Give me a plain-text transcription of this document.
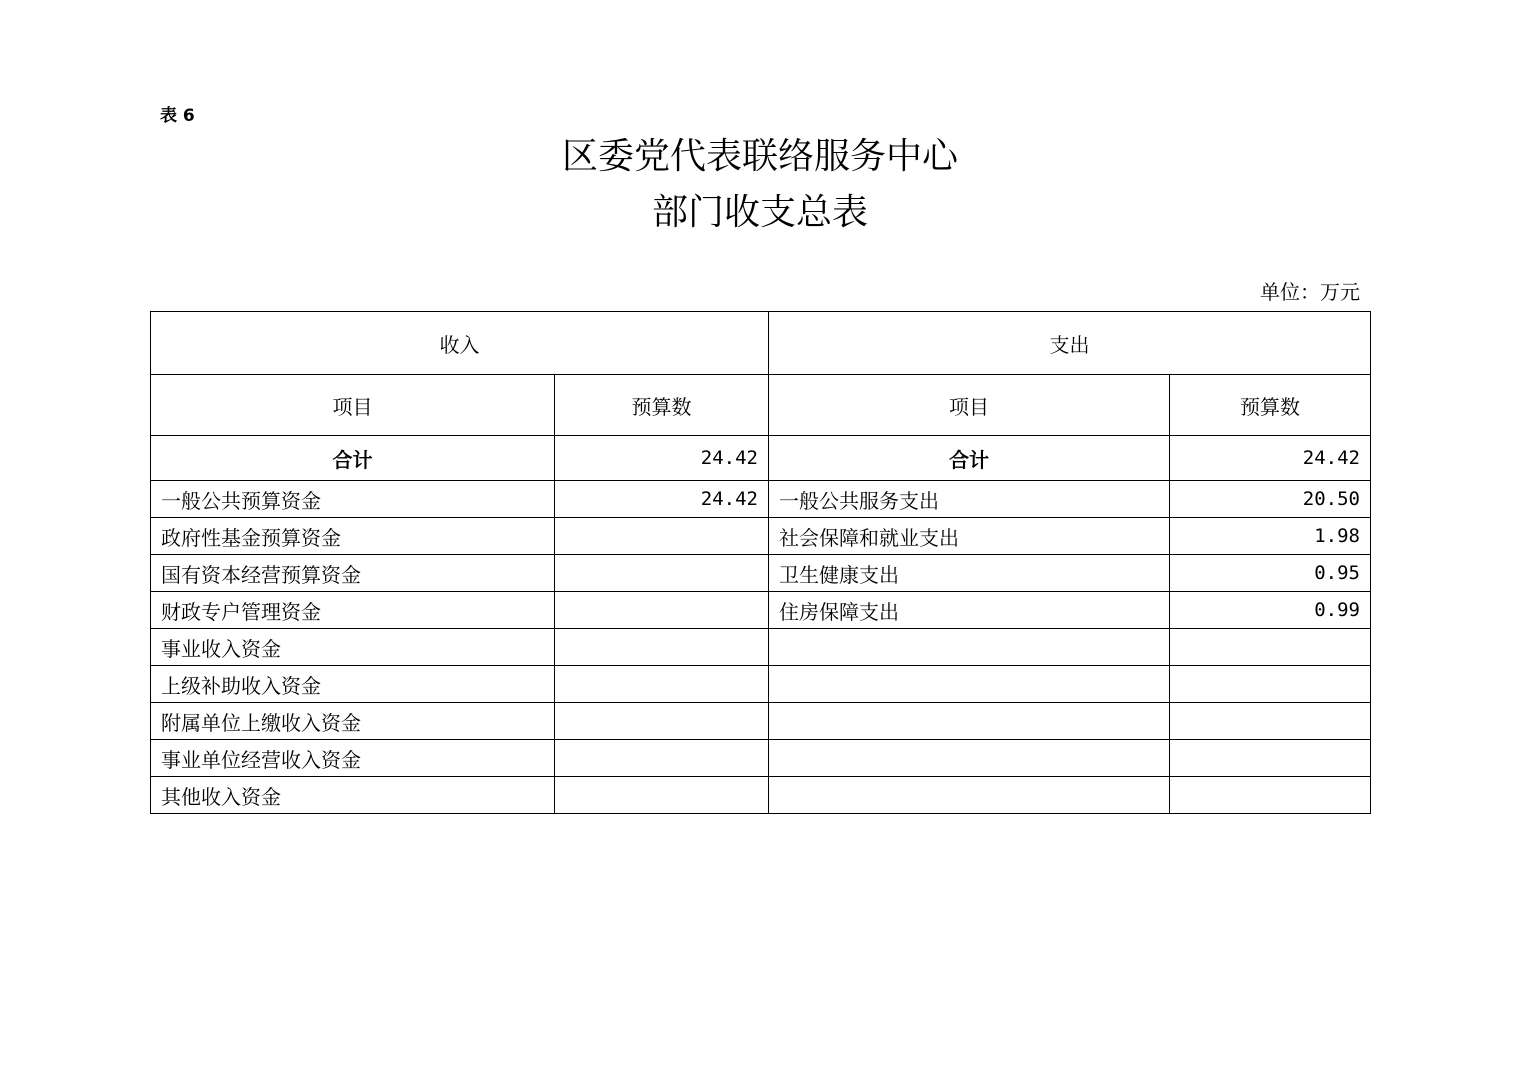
表 6
区委党代表联络服务中心
部门收支总表
单位：万元
收入		支出	
项目	预算数	项目	预算数
合计	24.42	合计	24.42
一般公共预算资金	24.42	一般公共服务支出	20.50
政府性基金预算资金		社会保障和就业支出	1.98
国有资本经营预算资金		卫生健康支出	0.95
财政专户管理资金		住房保障支出	0.99
事业收入资金			
上级补助收入资金			
附属单位上缴收入资金			
事业单位经营收入资金			
其他收入资金			
